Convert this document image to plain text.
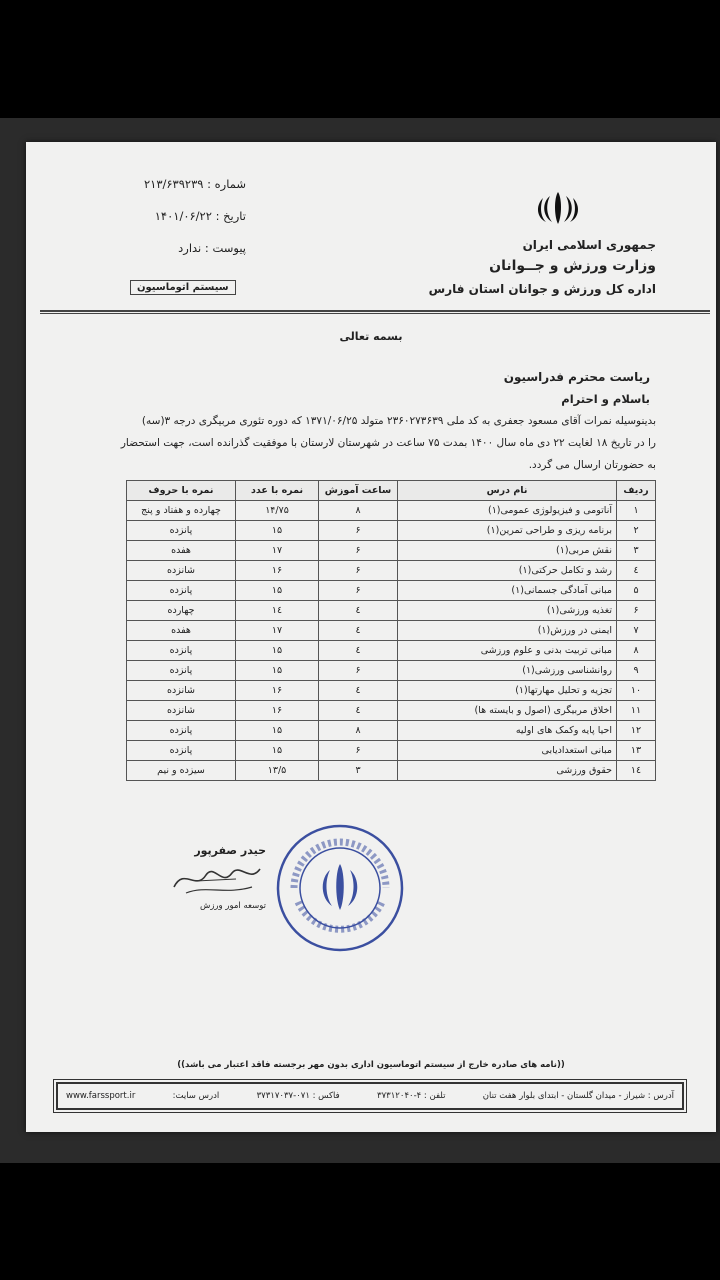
جمهوری اسلامی ایران
وزارت ورزش و جــوانان
اداره کل ورزش و جوانان استان فارس
شماره : ۲۱۳/۶۳۹۲۳۹
تاریخ : ۱۴۰۱/۰۶/۲۲
پیوست : ندارد
سیستم اتوماسیون
بسمه تعالی
ریاست محترم فدراسیون
باسلام و احترام
بدینوسیله نمرات آقای مسعود جعفری به کد ملی ۲۳۶۰۲۷۳۶۳۹ متولد ۱۳۷۱/۰۶/۲۵ که دوره تئوری مربیگری درجه ۳(سه)
را در تاریخ ۱۸ لغایت ۲۲ دی ماه سال ۱۴۰۰ بمدت ۷۵ ساعت در شهرستان لارستان با موفقیت گذرانده است، جهت استحضار
به حضورتان ارسال می گردد.
ردیف	نام درس	ساعت آموزش	نمره با عدد	نمره با حروف
۱	آناتومی و فیزیولوژی عمومی(۱)	۸	۱۴/۷۵	چهارده و هفتاد و پنج
۲	برنامه ریزی و طراحی تمرین(۱)	۶	۱۵	پانزده
۳	نقش مربی(۱)	۶	۱۷	هفده
٤	رشد و تکامل حرکتی(۱)	۶	۱۶	شانزده
۵	مبانی آمادگی جسمانی(۱)	۶	۱۵	پانزده
۶	تغذیه ورزشی(۱)	٤	۱٤	چهارده
۷	ایمنی در ورزش(۱)	٤	۱۷	هفده
۸	مبانی تربیت بدنی و علوم ورزشی	٤	۱۵	پانزده
۹	روانشناسی ورزشی(۱)	۶	۱۵	پانزده
۱۰	تجزیه و تحلیل مهارتها(۱)	٤	۱۶	شانزده
۱۱	اخلاق مربیگری (اصول و بایسته ها)	٤	۱۶	شانزده
۱۲	احیا پایه وکمک های اولیه	۸	۱۵	پانزده
۱۳	مبانی استعدادیابی	۶	۱۵	پانزده
۱٤	حقوق ورزشی	۳	۱۳/۵	سیزده و نیم
حیدر صفرپور
توسعه امور ورزش
((نامه های صادره خارج از سیستم اتوماسیون اداری بدون مهر برجسته فاقد اعتبار می باشد))
آدرس : شیراز - میدان گلستان - ابتدای بلوار هفت تنان
تلفن : ۴-۳۷۳۱۲۰۴۰
فاکس : ۰۷۱-۳۷۳۱۷۰۳۷
ادرس سایت:
www.farssport.ir
